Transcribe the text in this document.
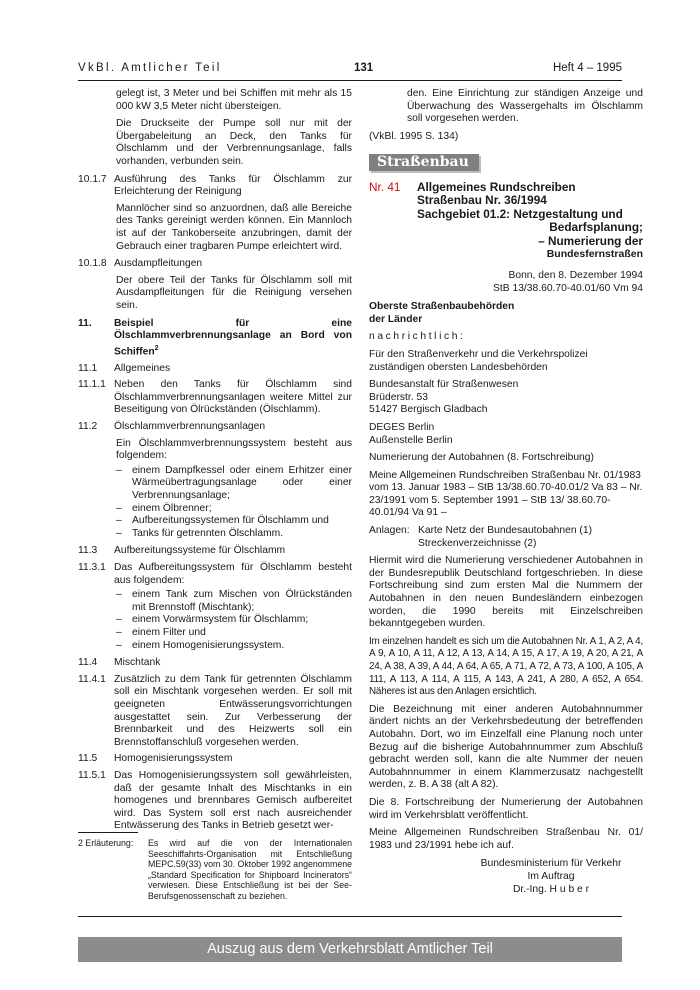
VkBl. Amtlicher Teil	131	Heft 4 – 1995

gelegt ist, 3 Meter und bei Schiffen mit mehr als 15 000 kW 3,5 Meter nicht übersteigen.

Die Druckseite der Pumpe soll nur mit der Übergabeleitung an Deck, den Tanks für Ölschlamm und der Verbrennungsanlage, falls vorhanden, verbunden sein.

10.1.7 Ausführung des Tanks für Ölschlamm zur Erleichterung der Reinigung

Mannlöcher sind so anzuordnen, daß alle Bereiche des Tanks gereinigt werden können. Ein Mannloch ist auf der Tankoberseite anzubringen, damit der Gebrauch einer tragbaren Pumpe erleichtert wird.

10.1.8 Ausdampfleitungen

Der obere Teil der Tanks für Ölschlamm soll mit Ausdampfleitungen für die Reinigung versehen sein.

11.	Beispiel für eine Ölschlammverbrennungsanlage an Bord von Schiffen$^2$
11.1	Allgemeines
11.1.1 Neben den Tanks für Ölschlamm sind Ölschlammverbrennungsanlagen weitere Mittel zur Beseitigung von Ölrückständen (Ölschlamm).
11.2	Ölschlammverbrennungsanlagen

Ein Ölschlammverbrennungssystem besteht aus folgendem:

– einem Dampfkessel oder einem Erhitzer einer Wärmeübertragungsanlage oder einer Verbrennungsanlage;
– einem Ölbrenner;
– Aufbereitungssystemen für Ölschlamm und
– Tanks für getrennten Ölschlamm.
11.3	Aufbereitungssysteme für Ölschlamm
11.3.1 Das Aufbereitungssystem für Ölschlamm besteht aus folgendem:
– einem Tank zum Mischen von Ölrückständen mit Brennstoff (Mischtank);
– einem Vorwärmsystem für Ölschlamm;
– einem Filter und
– einem Homogenisierungssystem.
11.4	Mischtank
11.4.1 Zusätzlich zu dem Tank für getrennten Ölschlamm soll ein Mischtank vorgesehen werden. Er soll mit geeigneten Entwässerungsvorrichtungen ausgestattet sein. Zur Verbesserung der Brennbarkeit und des Heizwerts soll ein Brennstoffanschluß vorgesehen werden.
11.5	Homogenisierungssystem
11.5.1 Das Homogenisierungssystem soll gewährleisten, daß der gesamte Inhalt des Mischtanks in ein homogenes und brennbares Gemisch aufbereitet wird. Das System soll erst nach ausreichender Entwässerung des Tanks in Betrieb gesetzt wer-
2 Erläuterung:	Es wird auf die von der Internationalen Seeschiffahrts-Organisation mit Entschließung MEPC.59(33) vom 30. Oktober 1992 angenommene „Standard Specification for Shipboard Incinerators“ verwiesen. Diese Entschließung ist bei der See-Berufsgenossenschaft zu beziehen.

den. Eine Einrichtung zur ständigen Anzeige und Überwachung des Wassergehalts im Ölschlamm soll vorgesehen werden.

(VkBl. 1995 S. 134)

Straßenbau
Nr. 41	Allgemeines Rundschreiben
Straßenbau Nr. 36/1994
Sachgebiet 01.2: Netzgestaltung und
Bedarfsplanung;
– Numerierung der
Bundesfernstraßen
Bonn, den 8. Dezember 1994
StB 13/38.60.70-40.01/60 Vm 94
Oberste Straßenbaubehörden
der Länder

nachrichtlich:

Für den Straßenverkehr und die Verkehrspolizei zuständigen obersten Landesbehörden

Bundesanstalt für Straßenwesen
Brüderstr. 53
51427 Bergisch Gladbach
DEGES Berlin
Außenstelle Berlin

Numerierung der Autobahnen (8. Fortschreibung)

Meine Allgemeinen Rundschreiben Straßenbau Nr. 01/1983 vom 13. Januar 1983 – StB 13/38.60.70-40.01/2 Va 83 – Nr. 23/1991 vom 5. September 1991 – StB 13/ 38.60.70-40.01/94 Va 91 –

Anlagen: Karte Netz der Bundesautobahnen (1) Streckenverzeichnisse (2)

Hiermit wird die Numerierung verschiedener Autobahnen in der Bundesrepublik Deutschland fortgeschrieben. In diese Fortschreibung sind zum ersten Mal die Nummern der Autobahnen in den neuen Bundesländern einbezogen worden, die 1990 bereits mit Einzelschreiben bekanntgegeben wurden.

Im einzelnen handelt es sich um die Autobahnen Nr. A 1, A 2, A 4, A 9, A 10, A 11, A 12, A 13, A 14, A 15, A 17, A 19, A 20, A 21, A 24, A 38, A 39, A 44, A 64, A 65, A 71, A 72, A 73, A 100, A 105, A 111, A 113, A 114, A 115, A 143, A 241, A 280, A 652, A 654. Näheres ist aus den Anlagen ersichtlich.

Die Bezeichnung mit einer anderen Autobahnnummer ändert nichts an der Verkehrsbedeutung der betreffenden Autobahn. Dort, wo im Einzelfall eine Planung noch unter Bezug auf die bisherige Autobahnnummer zum Abschluß gebracht werden soll, kann die alte Nummer der neuen Autobahnnummer in einem Klammerzusatz nachgestellt werden, z. B. A 38 (alt A 82).

Die 8. Fortschreibung der Numerierung der Autobahnen wird im Verkehrsblatt veröffentlicht.

Meine Allgemeinen Rundschreiben Straßenbau Nr. 01/ 1983 und 23/1991 hebe ich auf.

Bundesministerium für Verkehr
Im Auftrag
Dr.-Ing. H u b e r
Auszug aus dem Verkehrsblatt Amtlicher Teil
